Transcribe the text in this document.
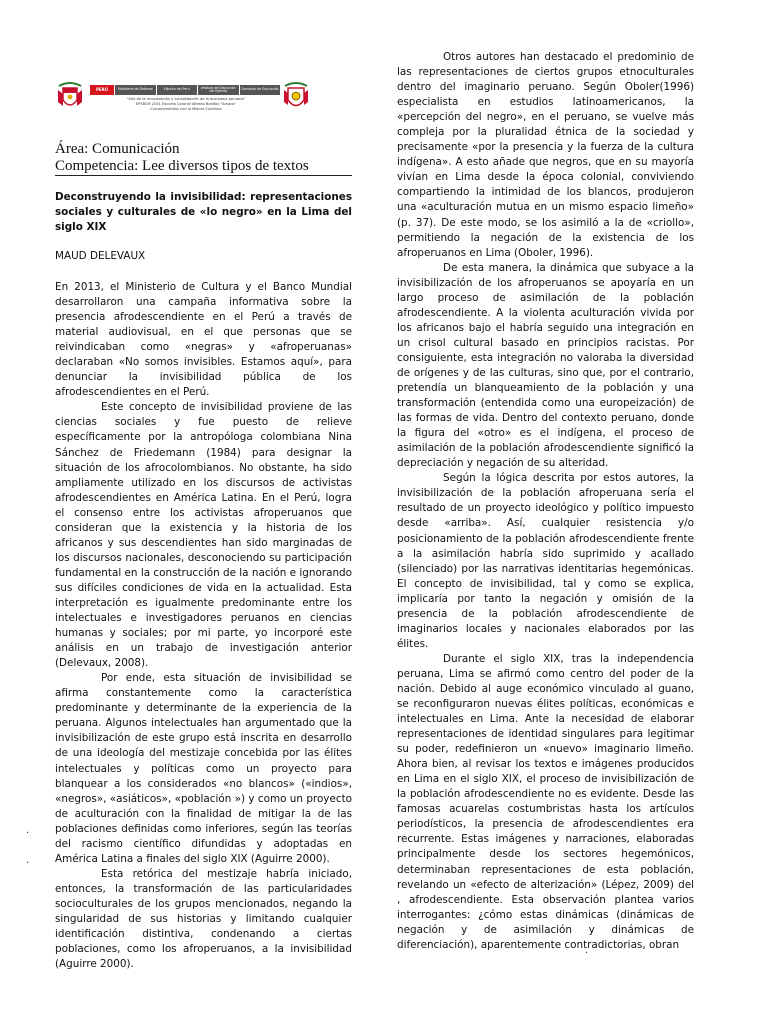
PERÚ	Ministerio de Defensa	Ejército del Perú	Jefatura de Educación del Ejército	Comando de Educación
"Año de la recuperación y consolidación de la economía peruana"
EPSRCM 2051 Escuela Coronel Alfredo Bonifaz "Amaca"
Comprometidos con la Mejora Continua
Área: Comunicación
Competencia: Lee diversos tipos de textos

Deconstruyendo la invisibilidad: representaciones sociales y culturales de «lo negro» en la Lima del siglo XIX

MAUD DELEVAUX

En 2013, el Ministerio de Cultura y el Banco Mundial desarrollaron una campaña informativa sobre la presencia afrodescendiente en el Perú a través de material audiovisual, en el que personas que se reivindicaban como «negras» y «afroperuanas» declaraban «No somos invisibles. Estamos aquí», para denunciar la invisibilidad pública de los afrodescendientes en el Perú.

Este concepto de invisibilidad proviene de las ciencias sociales y fue puesto de relieve específicamente por la antropóloga colombiana Nina Sánchez de Friedemann (1984) para designar la situación de los afrocolombianos. No obstante, ha sido ampliamente utilizado en los discursos de activistas afrodescendientes en América Latina. En el Perú, logra el consenso entre los activistas afroperuanos que consideran que la existencia y la historia de los africanos y sus descendientes han sido marginadas de los discursos nacionales, desconociendo su participación fundamental en la construcción de la nación e ignorando sus difíciles condiciones de vida en la actualidad. Esta interpretación es igualmente predominante entre los intelectuales e investigadores peruanos en ciencias humanas y sociales; por mi parte, yo incorporé este análisis en un trabajo de investigación anterior (Delevaux, 2008).

Por ende, esta situación de invisibilidad se afirma constantemente como la característica predominante y determinante de la experiencia de la peruana. Algunos intelectuales han argumentado que la invisibilización de este grupo está inscrita en desarrollo de una ideología del mestizaje concebida por las élites intelectuales y políticas como un proyecto para blanquear a los considerados «no blancos» («indios», «negros», «asiáticos», «población ») y como un proyecto de aculturación con la finalidad de mitigar la de las poblaciones definidas como inferiores, según las teorías del racismo científico difundidas y adoptadas en América Latina a finales del siglo XIX (Aguirre 2000).

Esta retórica del mestizaje habría iniciado, entonces, la transformación de las particularidades socioculturales de los grupos mencionados, negando la singularidad de sus historias y limitando cualquier identificación distintiva, condenando a ciertas poblaciones, como los afroperuanos, a la invisibilidad (Aguirre 2000).

Otros autores han destacado el predominio de las representaciones de ciertos grupos etnoculturales dentro del imaginario peruano. Según Oboler(1996) especialista en estudios latinoamericanos, la «percepción del negro», en el peruano, se vuelve más compleja por la pluralidad étnica de la sociedad y precisamente «por la presencia y la fuerza de la cultura indígena». A esto añade que negros, que en su mayoría vivían en Lima desde la época colonial, conviviendo compartiendo la intimidad de los blancos, produjeron una «aculturación mutua en un mismo espacio limeño» (p. 37). De este modo, se los asimiló a la de «criollo», permitiendo la negación de la existencia de los afroperuanos en Lima (Oboler, 1996).

De esta manera, la dinámica que subyace a la invisibilización de los afroperuanos se apoyaría en un largo proceso de asimilación de la población afrodescendiente. A la violenta aculturación vivida por los africanos bajo el habría seguido una integración en un crisol cultural basado en principios racistas. Por consiguiente, esta integración no valoraba la diversidad de orígenes y de las culturas, sino que, por el contrario, pretendía un blanqueamiento de la población y una transformación (entendida como una europeización) de las formas de vida. Dentro del contexto peruano, donde la figura del «otro» es el indígena, el proceso de asimilación de la población afrodescendiente significó la depreciación y negación de su alteridad.

Según la lógica descrita por estos autores, la invisibilización de la población afroperuana sería el resultado de un proyecto ideológico y político impuesto desde «arriba». Así, cualquier resistencia y/o posicionamiento de la población afrodescendiente frente a la asimilación habría sido suprimido y acallado (silenciado) por las narrativas identitarias hegemónicas. El concepto de invisibilidad, tal y como se explica, implicaría por tanto la negación y omisión de la presencia de la población afrodescendiente de imaginarios locales y nacionales elaborados por las élites.

Durante el siglo XIX, tras la independencia peruana, Lima se afirmó como centro del poder de la nación. Debido al auge económico vinculado al guano, se reconfiguraron nuevas élites políticas, económicas e intelectuales en Lima. Ante la necesidad de elaborar representaciones de identidad singulares para legitimar su poder, redefinieron un «nuevo» imaginario limeño. Ahora bien, al revisar los textos e imágenes producidos en Lima en el siglo XIX, el proceso de invisibilización de la población afrodescendiente no es evidente. Desde las famosas acuarelas costumbristas hasta los artículos periodísticos, la presencia de afrodescendientes era recurrente. Estas imágenes y narraciones, elaboradas principalmente desde los sectores hegemónicos, determinaban representaciones de esta población, revelando un «efecto de alterización» (Lépez, 2009) del , afrodescendiente. Esta observación plantea varios interrogantes: ¿cómo estas dinámicas (dinámicas de negación y de asimilación y dinámicas de diferenciación), aparentemente contradictorias, obran

·
·
·
